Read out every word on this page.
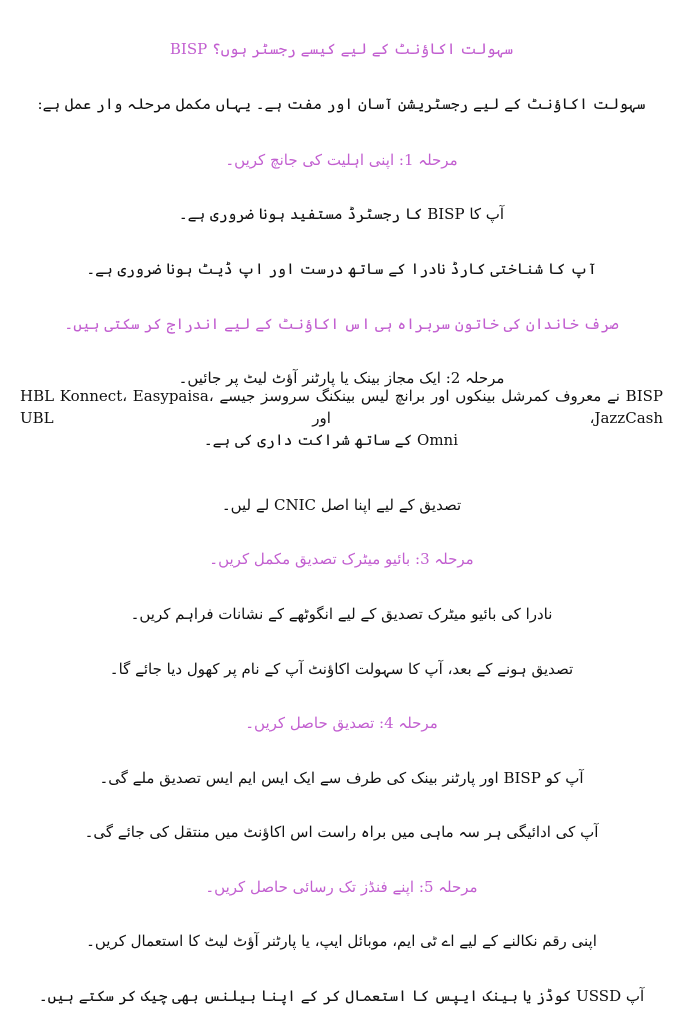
سہولت اکاؤنٹ کے لیے کیسے رجسٹر ہوں؟ BISP
سہولت اکاؤنٹ کے لیے رجسٹریشن آسان اور مفت ہے۔ یہاں مکمل مرحلہ وار عمل ہے:
مرحلہ 1: اپنی اہلیت کی جانچ کریں۔
آپ کا BISP کا رجسٹرڈ مستفید ہونا ضروری ہے۔
آپ کا شناختی کارڈ نادرا کے ساتھ درست اور اپ ڈیٹ ہونا ضروری ہے۔
صرف خاندان کی خاتون سربراہ ہی اس اکاؤنٹ کے لیے اندراج کر سکتی ہیں۔
مرحلہ 2: ایک مجاز بینک یا پارٹنر آؤٹ لیٹ پر جائیں۔
BISP نے معروف کمرشل بینکوں اور برانچ لیس بینکنگ سروسز جیسے HBL Konnect، Easypaisa، JazzCash، اور UBL
Omni کے ساتھ شراکت داری کی ہے۔
تصدیق کے لیے اپنا اصل CNIC لے لیں۔
مرحلہ 3: بائیو میٹرک تصدیق مکمل کریں۔
نادرا کی بائیو میٹرک تصدیق کے لیے انگوٹھے کے نشانات فراہم کریں۔
تصدیق ہونے کے بعد، آپ کا سہولت اکاؤنٹ آپ کے نام پر کھول دیا جائے گا۔
مرحلہ 4: تصدیق حاصل کریں۔
آپ کو BISP اور پارٹنر بینک کی طرف سے ایک ایس ایم ایس تصدیق ملے گی۔
آپ کی ادائیگی ہر سہ ماہی میں براہ راست اس اکاؤنٹ میں منتقل کی جائے گی۔
مرحلہ 5: اپنے فنڈز تک رسائی حاصل کریں۔
اپنی رقم نکالنے کے لیے اے ٹی ایم، موبائل ایپ، یا پارٹنر آؤٹ لیٹ کا استعمال کریں۔
آپ USSD کوڈز یا بینک ایپس کا استعمال کر کے اپنا بیلنس بھی چیک کر سکتے ہیں۔
